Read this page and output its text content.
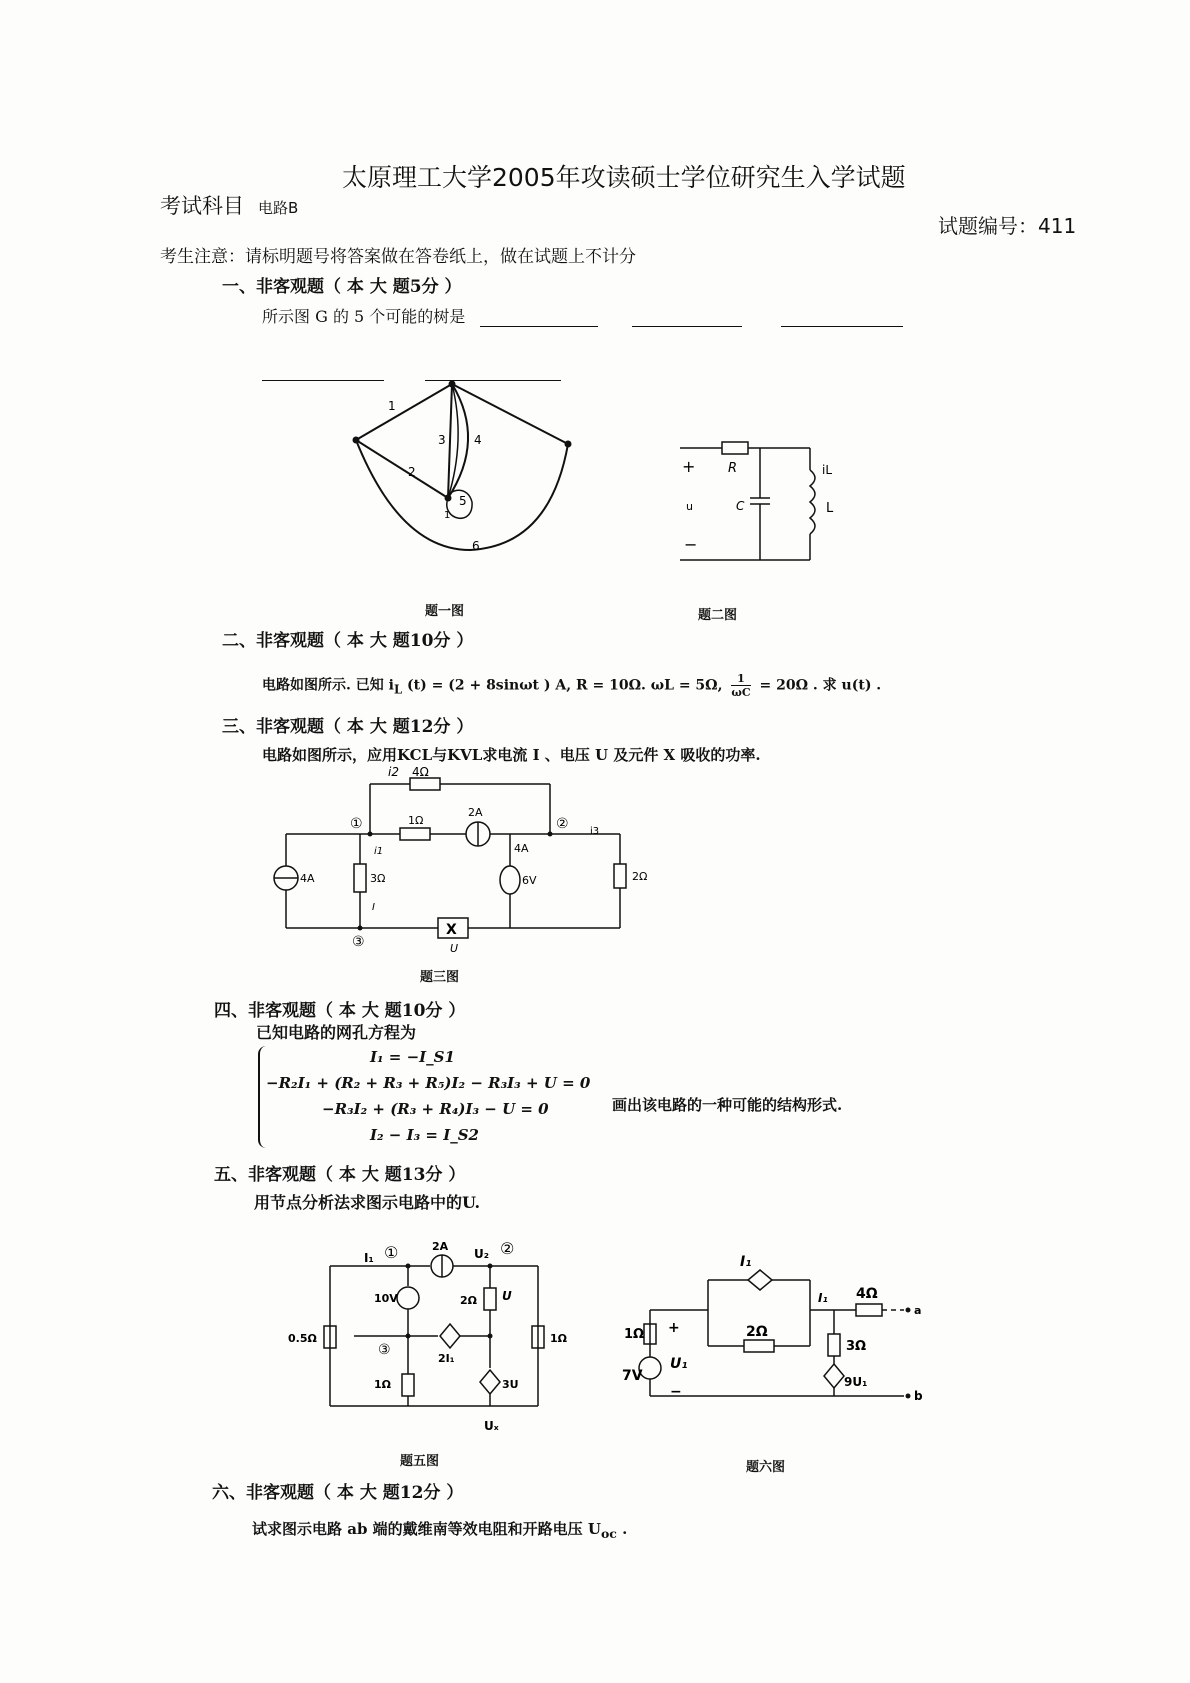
太原理工大学2005年攻读硕士学位研究生入学试题
考试科目 电路B
试题编号：411
考生注意：请标明题号将答案做在答卷纸上，做在试题上不计分
一、非客观题（ 本 大 题5分 ）
所示图 G 的 5 个可能的树是

1
2
3 4
5
6
1
题一图
+
−
u
R
C
iL
L
题二图
二、非客观题（ 本 大 题10分 ）
电路如图所示. 已知 $i_L$ (t) = (2 + 8sinωt ) A, R = 10Ω. ωL = 5Ω, $\frac{1}{\omega C} = 20\Omega$ . 求 u(t) .
三、非客观题（ 本 大 题12分 ）
电路如图所示，应用KCL与KVL求电流 I 、电压 U 及元件 X 吸收的功率.
i2 4Ω
1Ω
2A
①	②
③
4A	3Ω
4A
6V
i3
2Ω
X
U
I
i1
题三图
四、非客观题（ 本 大 题10分 ）
已知电路的网孔方程为
I₁ = −I_S1
−R₂I₁ + (R₂ + R₃ + R₅)I₂ − R₃I₃ + U = 0
−R₃I₂ + (R₃ + R₄)I₃ − U = 0
I₂ − I₃ = I_S2
画出该电路的一种可能的结构形式.
五、非客观题（ 本 大 题13分 ）
用节点分析法求图示电路中的U.
I₁ ①	2A
U₂ ②
10V	2Ω U
0.5Ω
③
2I₁
1Ω
1Ω
3U
Uₓ
题五图
I₁
I₁ 4Ω
a
2Ω
1Ω
3Ω
+
U₁
7V
−
9U₁
b
题六图
六、非客观题（ 本 大 题12分 ）
试求图示电路 ab 端的戴维南等效电阻和开路电压 $U_{oc}$ .
